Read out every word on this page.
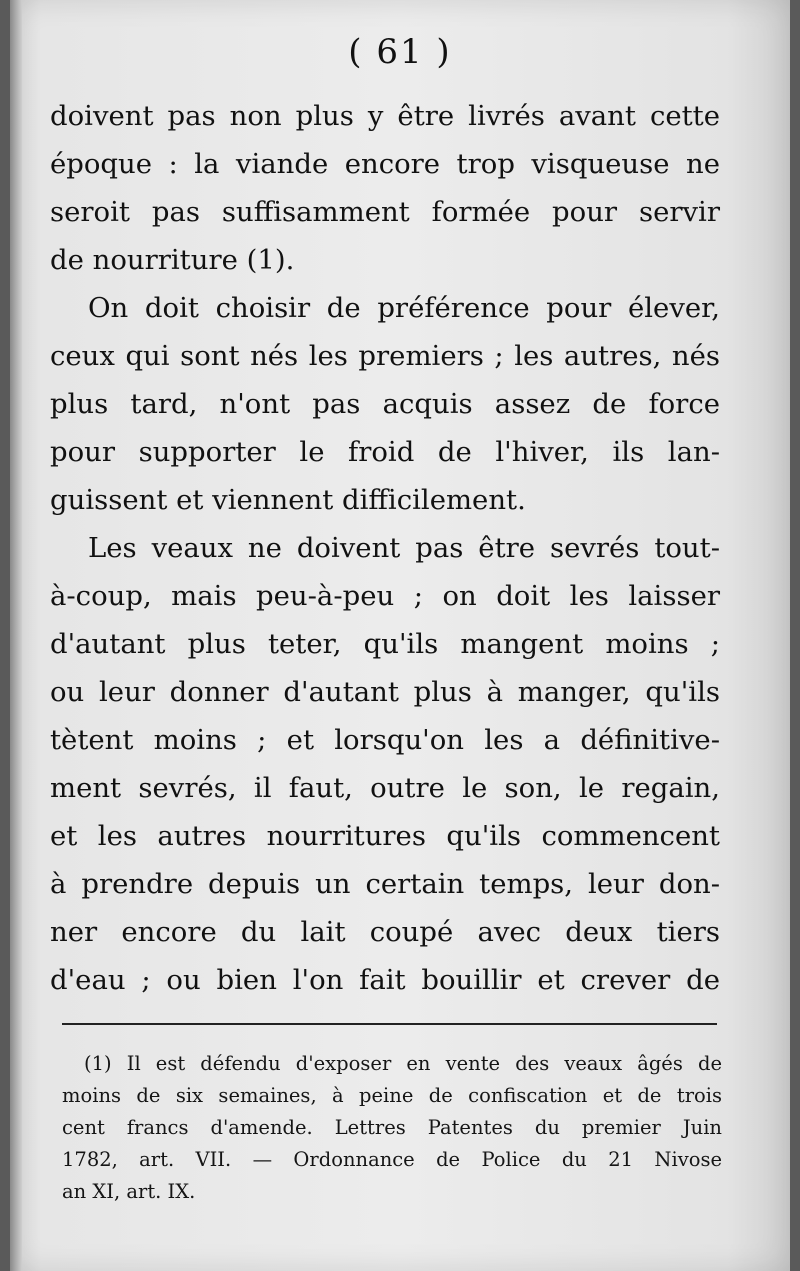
( 61 )
doivent pas non plus y être livrés avant cette
époque : la viande encore trop visqueuse ne
seroit pas suffisamment formée pour servir
de nourriture (1).
On doit choisir de préférence pour élever,
ceux qui sont nés les premiers ; les autres, nés
plus tard, n'ont pas acquis assez de force
pour supporter le froid de l'hiver, ils lan-
guissent et viennent difficilement.
Les veaux ne doivent pas être sevrés tout-
à-coup, mais peu-à-peu ; on doit les laisser
d'autant plus teter, qu'ils mangent moins ;
ou leur donner d'autant plus à manger, qu'ils
tètent moins ; et lorsqu'on les a définitive-
ment sevrés, il faut, outre le son, le regain,
et les autres nourritures qu'ils commencent
à prendre depuis un certain temps, leur don-
ner encore du lait coupé avec deux tiers
d'eau ; ou bien l'on fait bouillir et crever de
(1) Il est défendu d'exposer en vente des veaux âgés de
moins de six semaines, à peine de confiscation et de trois
cent francs d'amende. Lettres Patentes du premier Juin
1782, art. VII. — Ordonnance de Police du 21 Nivose
an XI, art. IX.
